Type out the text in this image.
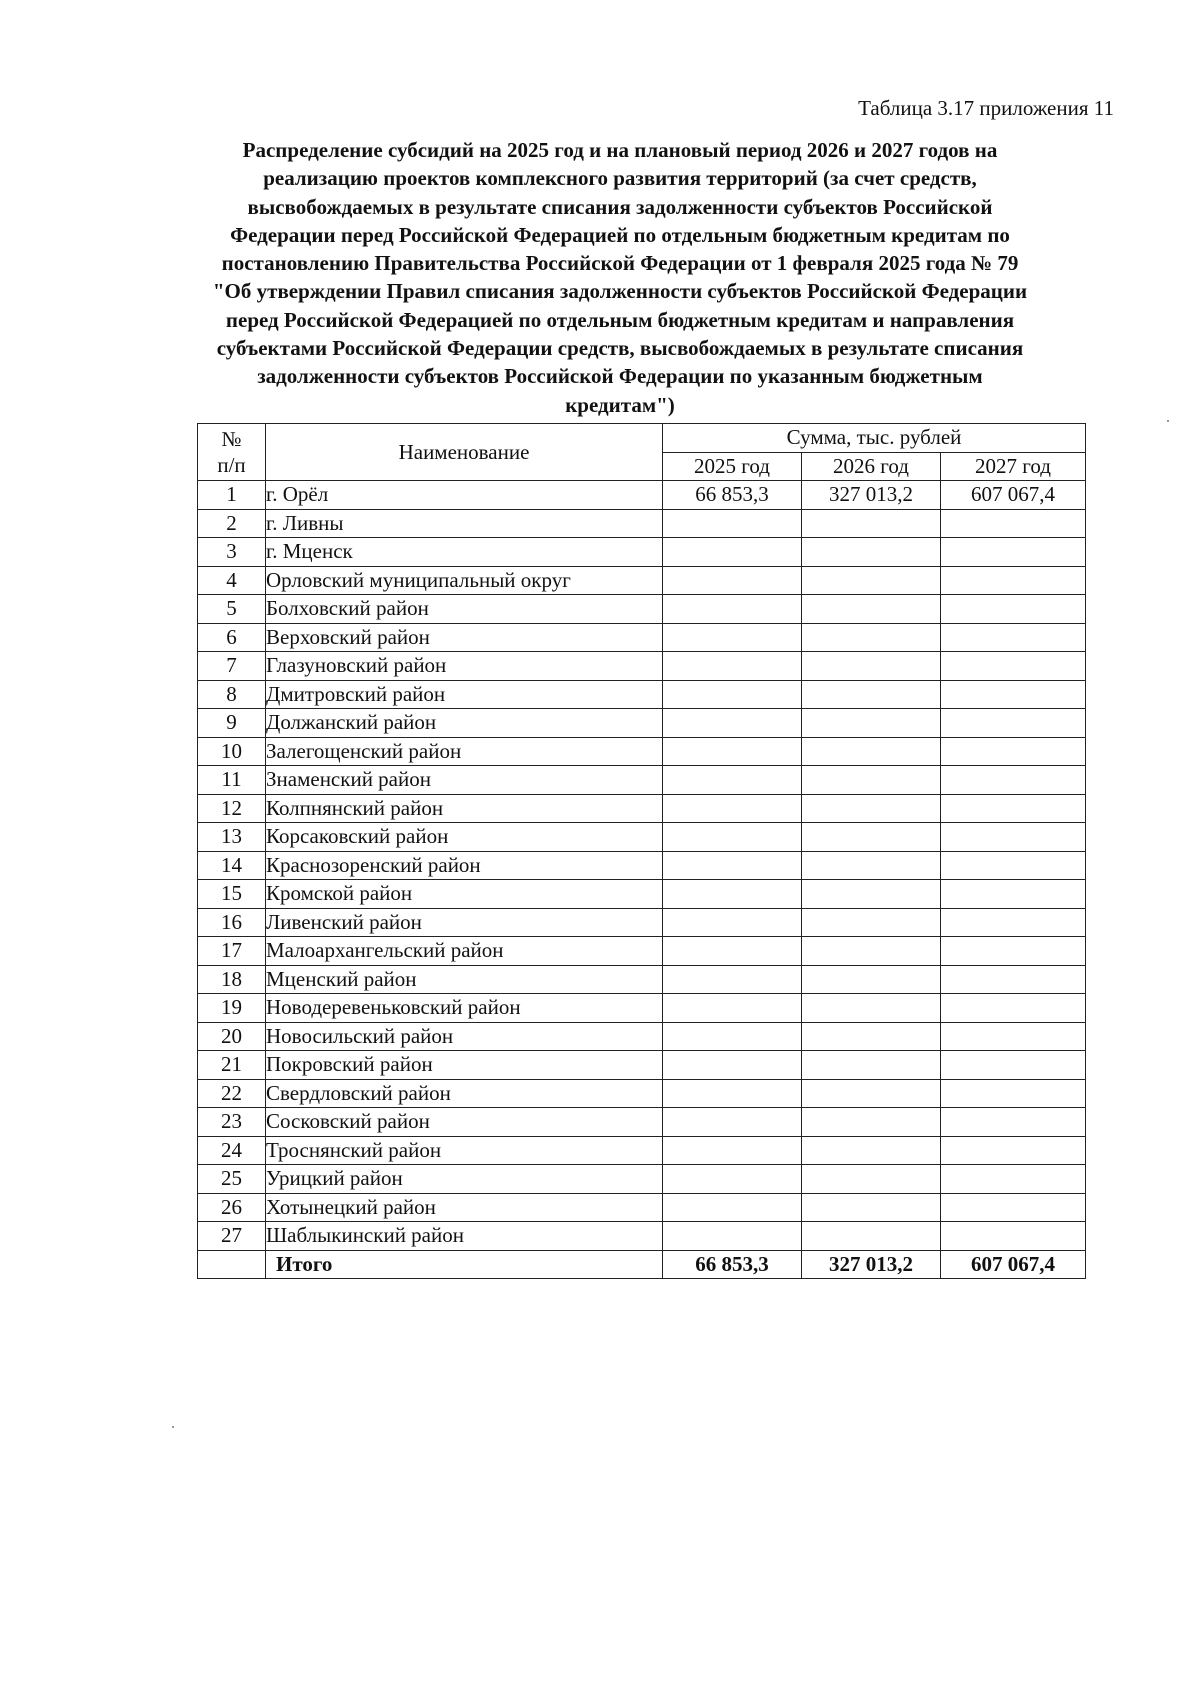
Таблица 3.17 приложения 11
Распределение субсидий на 2025 год и на плановый период 2026 и 2027 годов на
реализацию проектов комплексного развития территорий (за счет средств,
высвобождаемых в результате списания задолженности субъектов Российской
Федерации перед Российской Федерацией по отдельным бюджетным кредитам по
постановлению Правительства Российской Федерации от 1 февраля 2025 года № 79
"Об утверждении Правил списания задолженности субъектов Российской Федерации
перед Российской Федерацией по отдельным бюджетным кредитам и направления
субъектами Российской Федерации средств, высвобождаемых в результате списания
задолженности субъектов Российской Федерации по указанным бюджетным
кредитам")
№ п/п	Наименование	Сумма, тыс. рублей		
		2025 год	2026 год	2027 год
1	г. Орёл	66 853,3	327 013,2	607 067,4
2	г. Ливны			
3	г. Мценск			
4	Орловский муниципальный округ			
5	Болховский район			
6	Верховский район			
7	Глазуновский район			
8	Дмитровский район			
9	Должанский район			
10	Залегощенский район			
11	Знаменский район			
12	Колпнянский район			
13	Корсаковский район			
14	Краснозоренский район			
15	Кромской район			
16	Ливенский район			
17	Малоархангельский район			
18	Мценский район			
19	Новодеревеньковский район			
20	Новосильский район			
21	Покровский район			
22	Свердловский район			
23	Сосковский район			
24	Троснянский район			
25	Урицкий район			
26	Хотынецкий район			
27	Шаблыкинский район			
	Итого	66 853,3	327 013,2	607 067,4
